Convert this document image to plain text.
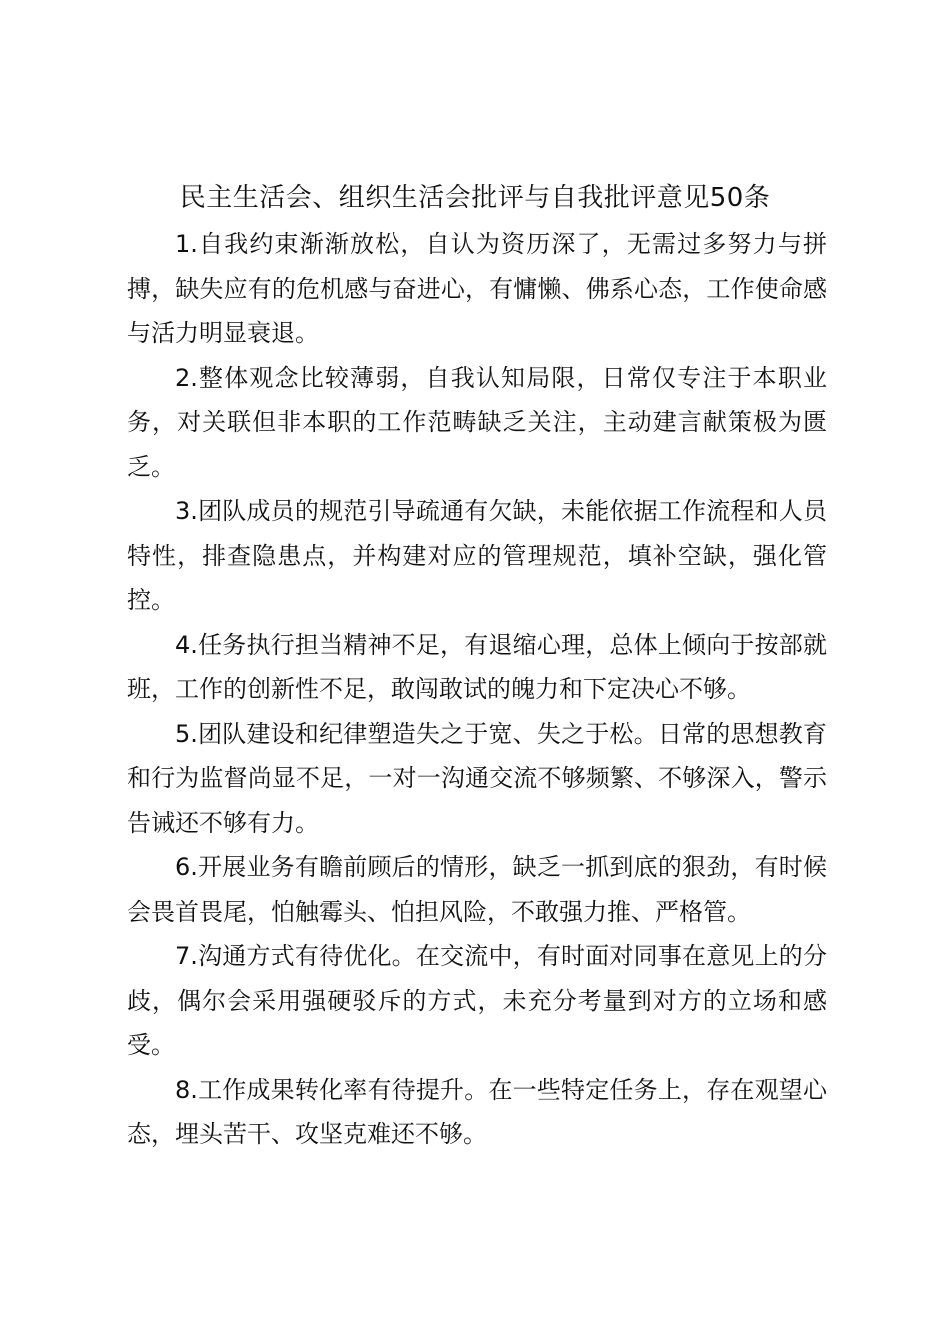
民主生活会、组织生活会批评与自我批评意见50条

1.自我约束渐渐放松，自认为资历深了，无需过多努力与拼搏，缺失应有的危机感与奋进心，有慵懒、佛系心态，工作使命感与活力明显衰退。

2.整体观念比较薄弱，自我认知局限，日常仅专注于本职业务，对关联但非本职的工作范畴缺乏关注，主动建言献策极为匮乏。

3.团队成员的规范引导疏通有欠缺，未能依据工作流程和人员特性，排查隐患点，并构建对应的管理规范，填补空缺，强化管控。

4.任务执行担当精神不足，有退缩心理，总体上倾向于按部就班，工作的创新性不足，敢闯敢试的魄力和下定决心不够。

5.团队建设和纪律塑造失之于宽、失之于松。日常的思想教育和行为监督尚显不足，一对一沟通交流不够频繁、不够深入，警示告诫还不够有力。

6.开展业务有瞻前顾后的情形，缺乏一抓到底的狠劲，有时候会畏首畏尾，怕触霉头、怕担风险，不敢强力推、严格管。

7.沟通方式有待优化。在交流中，有时面对同事在意见上的分歧，偶尔会采用强硬驳斥的方式，未充分考量到对方的立场和感受。

8.工作成果转化率有待提升。在一些特定任务上，存在观望心态，埋头苦干、攻坚克难还不够。
